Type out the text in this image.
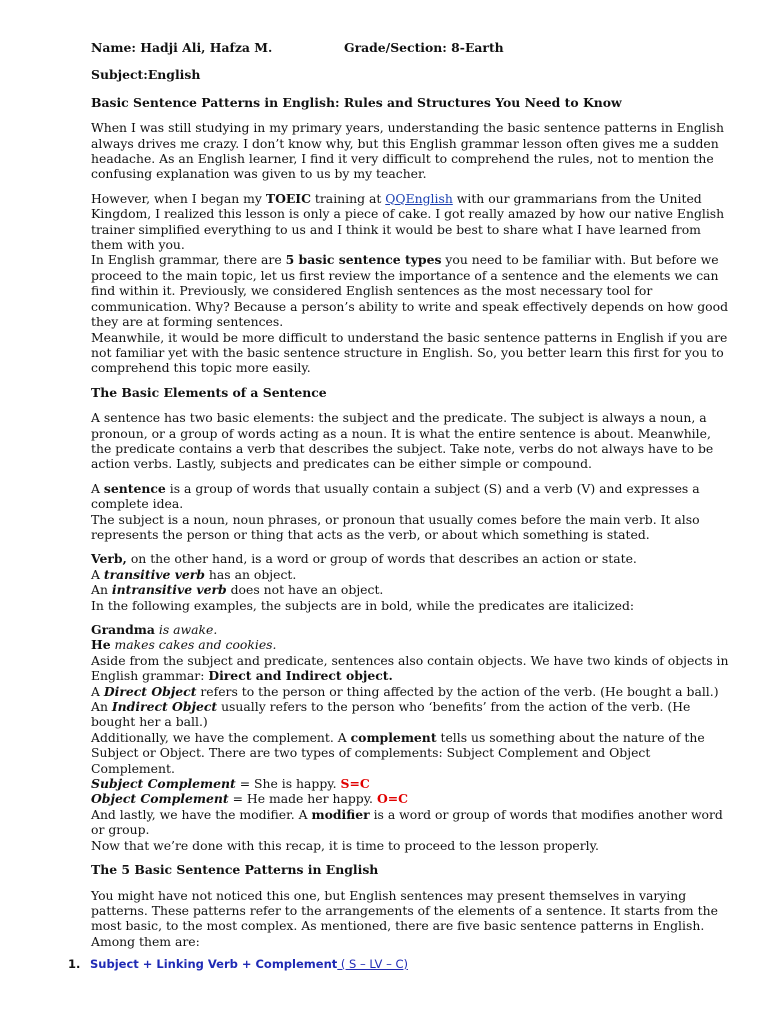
Name: Hadji Ali, Hafza M.	Grade/Section: 8-Earth
Subject:English
Basic Sentence Patterns in English: Rules and Structures You Need to Know

When I was still studying in my primary years, understanding the basic sentence patterns in English always drives me crazy. I don’t know why, but this English grammar lesson often gives me a sudden headache. As an English learner, I find it very difficult to comprehend the rules, not to mention the confusing explanation was given to us by my teacher.

However, when I began my TOEIC training at QQEnglish with our grammarians from the United Kingdom, I realized this lesson is only a piece of cake. I got really amazed by how our native English trainer simplified everything to us and I think it would be best to share what I have learned from them with you.

In English grammar, there are 5 basic sentence types you need to be familiar with. But before we proceed to the main topic, let us first review the importance of a sentence and the elements we can find within it. Previously, we considered English sentences as the most necessary tool for communication. Why? Because a person’s ability to write and speak effectively depends on how good they are at forming sentences.

Meanwhile, it would be more difficult to understand the basic sentence patterns in English if you are not familiar yet with the basic sentence structure in English. So, you better learn this first for you to comprehend this topic more easily.

The Basic Elements of a Sentence

A sentence has two basic elements: the subject and the predicate. The subject is always a noun, a pronoun, or a group of words acting as a noun. It is what the entire sentence is about. Meanwhile, the predicate contains a verb that describes the subject. Take note, verbs do not always have to be action verbs. Lastly, subjects and predicates can be either simple or compound.

A sentence is a group of words that usually contain a subject (S) and a verb (V) and expresses a complete idea.

The subject is a noun, noun phrases, or pronoun that usually comes before the main verb. It also represents the person or thing that acts as the verb, or about which something is stated.

Verb, on the other hand, is a word or group of words that describes an action or state.

A transitive verb has an object.

An intransitive verb does not have an object.

In the following examples, the subjects are in bold, while the predicates are italicized:

Grandma is awake.

He makes cakes and cookies.

Aside from the subject and predicate, sentences also contain objects. We have two kinds of objects in English grammar: Direct and Indirect object.

A Direct Object refers to the person or thing affected by the action of the verb. (He bought a ball.)

An Indirect Object usually refers to the person who ‘benefits’ from the action of the verb. (He bought her a ball.)

Additionally, we have the complement. A complement tells us something about the nature of the Subject or Object. There are two types of complements: Subject Complement and Object Complement.

Subject Complement = She is happy. S=C

Object Complement = He made her happy. O=C

And lastly, we have the modifier. A modifier is a word or group of words that modifies another word or group.

Now that we’re done with this recap, it is time to proceed to the lesson properly.

The 5 Basic Sentence Patterns in English

You might have not noticed this one, but English sentences may present themselves in varying patterns. These patterns refer to the arrangements of the elements of a sentence. It starts from the most basic, to the most complex. As mentioned, there are five basic sentence patterns in English. Among them are:

1. Subject + Linking Verb + Complement ( S – LV – C)
